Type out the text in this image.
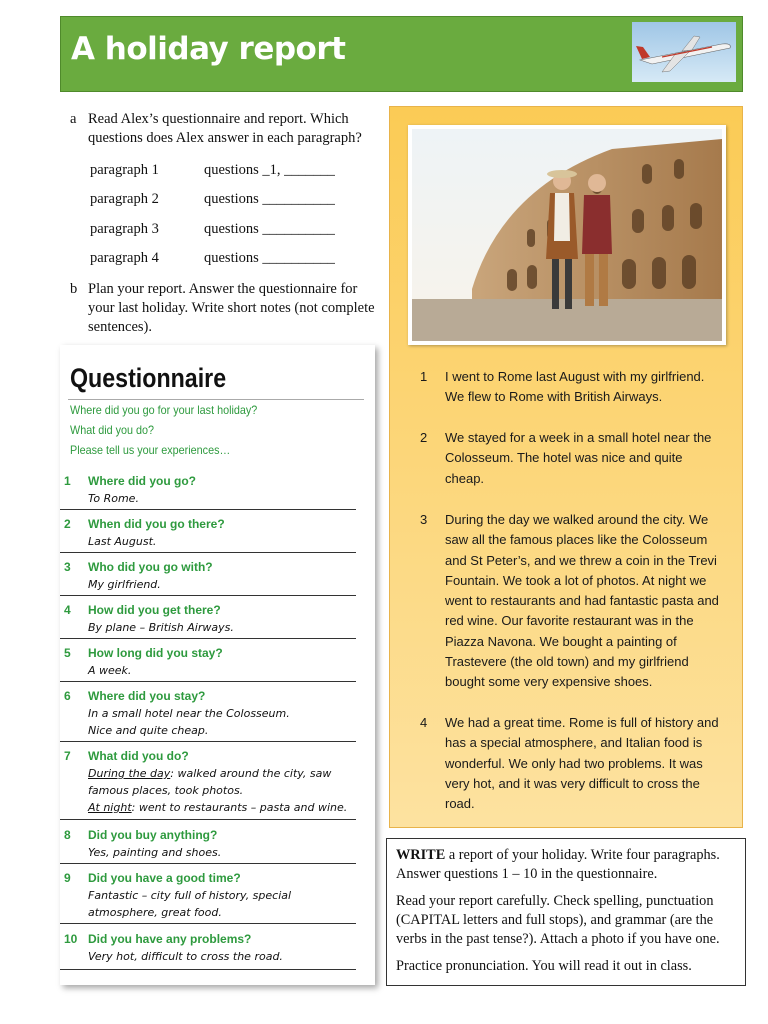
A holiday report
a Read Alex’s questionnaire and report. Which questions does Alex answer in each paragraph?
paragraph 1	questions _1, _______
paragraph 2	questions __________
paragraph 3	questions __________
paragraph 4	questions __________
b Plan your report. Answer the questionnaire for your last holiday. Write short notes (not complete sentences).
Questionnaire
Where did you go for your last holiday?
What did you do?
Please tell us your experiences…
1 Where did you go?
To Rome.
2 When did you go there?
Last August.
3 Who did you go with?
My girlfriend.
4 How did you get there?
By plane – British Airways.
5 How long did you stay?
A week.
6 Where did you stay?
In a small hotel near the Colosseum.
Nice and quite cheap.
7 What did you do?
During the day: walked around the city, saw
famous places, took photos.
At night: went to restaurants – pasta and wine.
8 Did you buy anything?
Yes, painting and shoes.
9 Did you have a good time?
Fantastic – city full of history, special
atmosphere, great food.
10 Did you have any problems?
Very hot, difficult to cross the road.
1 I went to Rome last August with my girlfriend. We flew to Rome with British Airways.
2 We stayed for a week in a small hotel near the Colosseum. The hotel was nice and quite cheap.
3 During the day we walked around the city. We saw all the famous places like the Colosseum and St Peter’s, and we threw a coin in the Trevi Fountain. We took a lot of photos. At night we went to restaurants and had fantastic pasta and red wine. Our favorite restaurant was in the Piazza Navona. We bought a painting of Trastevere (the old town) and my girlfriend bought some very expensive shoes.
4 We had a great time. Rome is full of history and has a special atmosphere, and Italian food is wonderful. We only had two problems. It was very hot, and it was very difficult to cross the road.

WRITE a report of your holiday. Write four paragraphs. Answer questions 1 – 10 in the questionnaire.

Read your report carefully. Check spelling, punctuation (CAPITAL letters and full stops), and grammar (are the verbs in the past tense?). Attach a photo if you have one.

Practice pronunciation. You will read it out in class.
